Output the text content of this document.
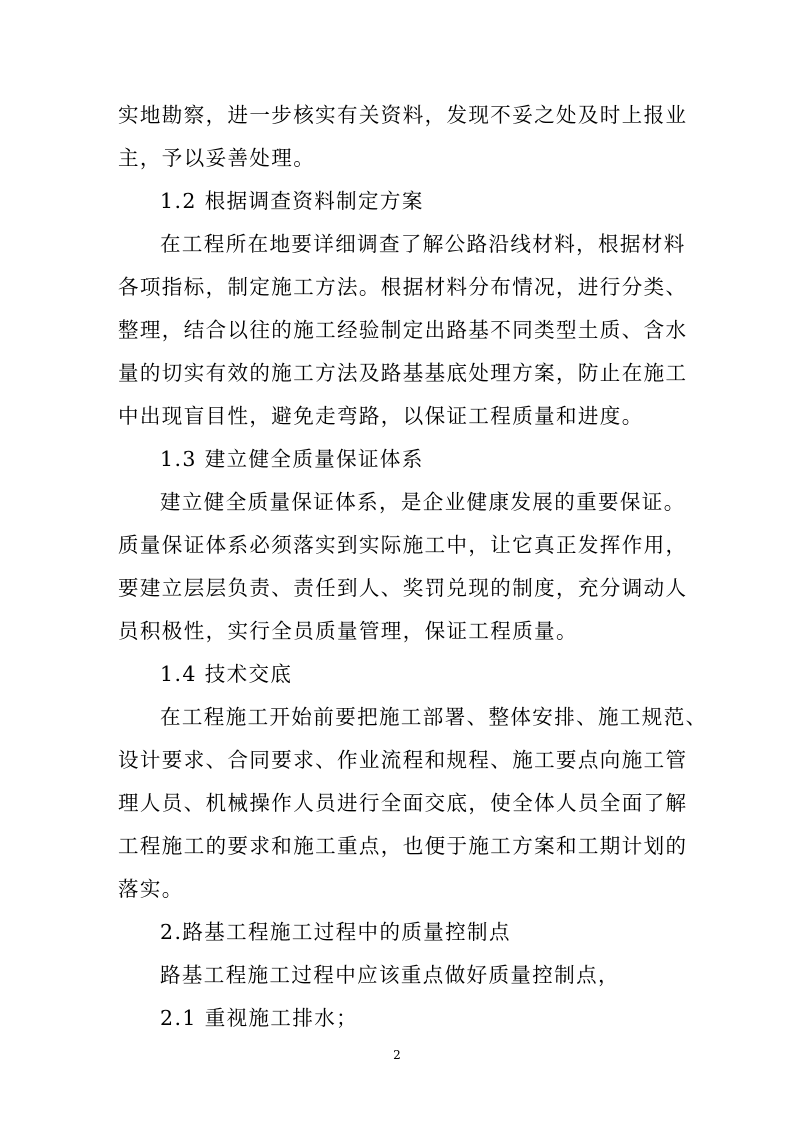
实地勘察，进一步核实有关资料，发现不妥之处及时上报业
主，予以妥善处理。
1.2 根据调查资料制定方案
在工程所在地要详细调查了解公路沿线材料，根据材料
各项指标，制定施工方法。根据材料分布情况，进行分类、
整理，结合以往的施工经验制定出路基不同类型土质、含水
量的切实有效的施工方法及路基基底处理方案，防止在施工
中出现盲目性，避免走弯路，以保证工程质量和进度。
1.3 建立健全质量保证体系
建立健全质量保证体系，是企业健康发展的重要保证。
质量保证体系必须落实到实际施工中，让它真正发挥作用，
要建立层层负责、责任到人、奖罚兑现的制度，充分调动人
员积极性，实行全员质量管理，保证工程质量。
1.4 技术交底
在工程施工开始前要把施工部署、整体安排、施工规范、
设计要求、合同要求、作业流程和规程、施工要点向施工管
理人员、机械操作人员进行全面交底，使全体人员全面了解
工程施工的要求和施工重点，也便于施工方案和工期计划的
落实。
2.路基工程施工过程中的质量控制点
路基工程施工过程中应该重点做好质量控制点，
2.1 重视施工排水；
2
